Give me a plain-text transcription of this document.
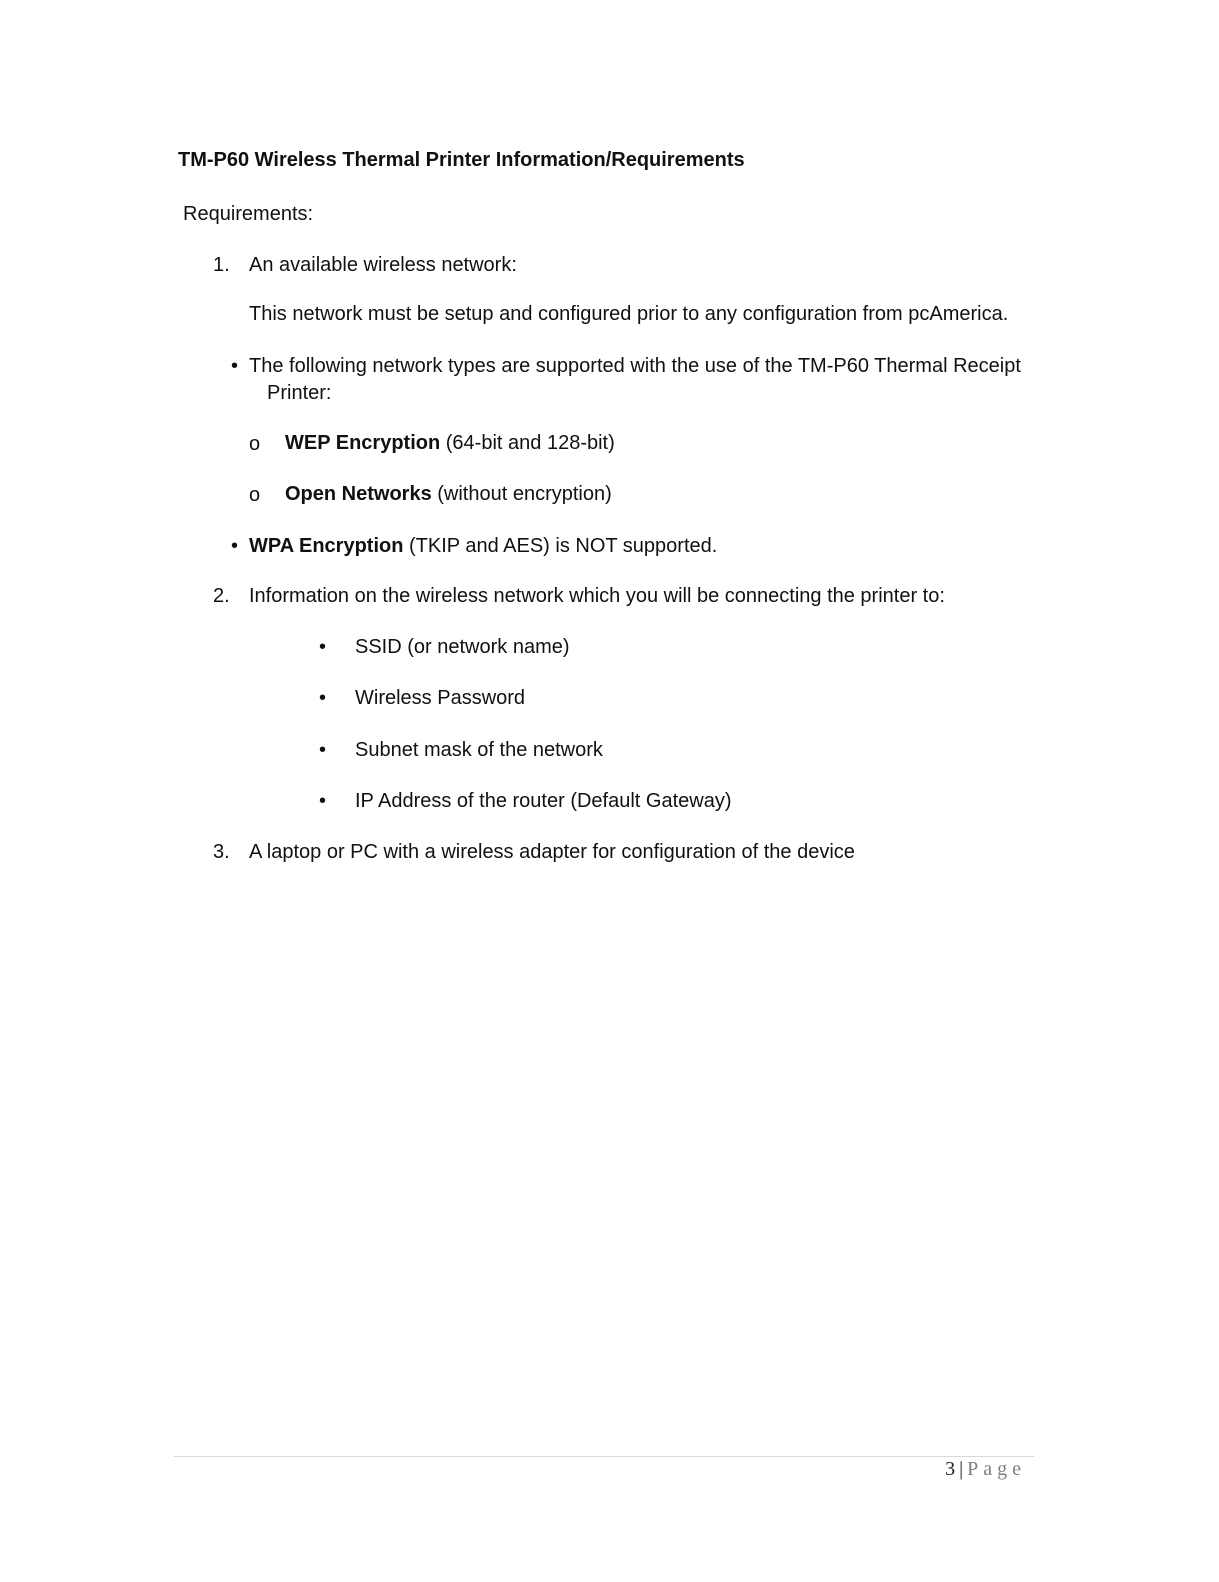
TM-P60 Wireless Thermal Printer Information/Requirements
Requirements:
1. An available wireless network:
This network must be setup and configured prior to any configuration from pcAmerica.
• The following network types are supported with the use of the TM-P60 Thermal Receipt
Printer:
o WEP Encryption (64-bit and 128-bit)
o Open Networks (without encryption)
• WPA Encryption (TKIP and AES) is NOT supported.
2. Information on the wireless network which you will be connecting the printer to:
• SSID (or network name)
• Wireless Password
• Subnet mask of the network
• IP Address of the router (Default Gateway)
3. A laptop or PC with a wireless adapter for configuration of the device
3 | Page
